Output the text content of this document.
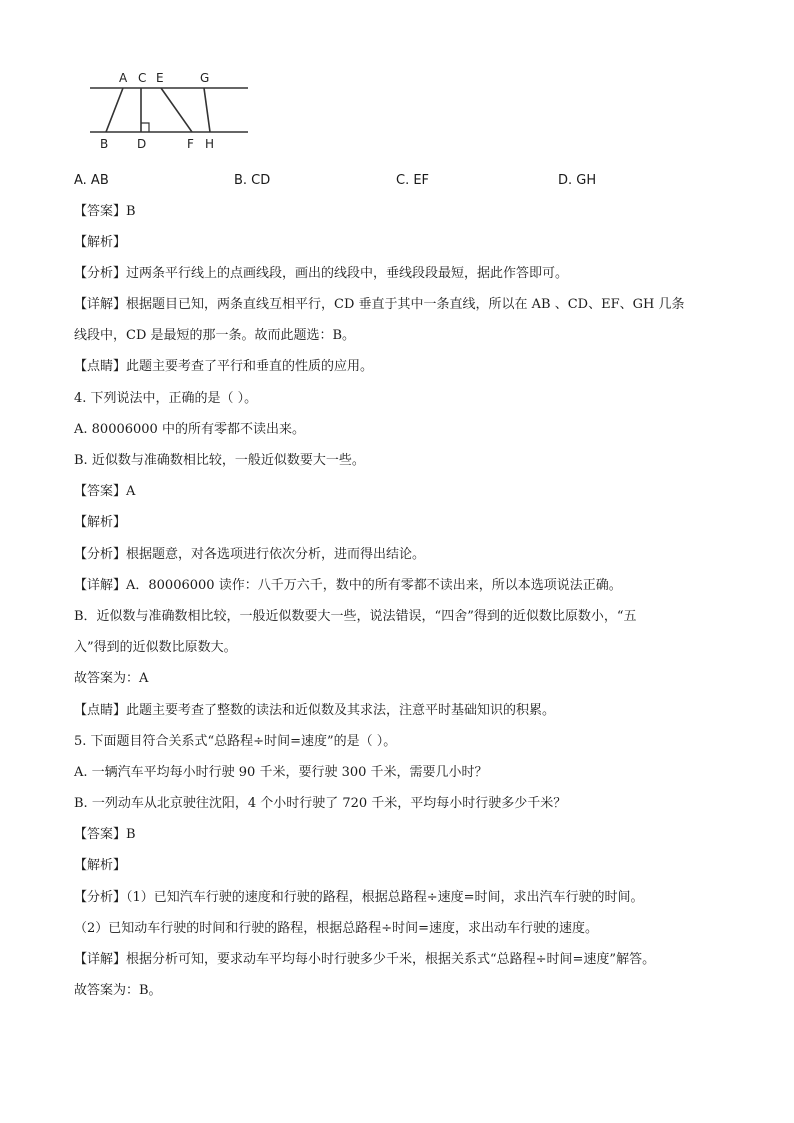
A C E	G
B D	F H
A. AB	B. CD	C. EF	D. GH
【答案】B
【解析】
【分析】过两条平行线上的点画线段，画出的线段中，垂线段段最短，据此作答即可。
【详解】根据题目已知，两条直线互相平行，CD 垂直于其中一条直线，所以在 AB 、CD、EF、GH 几条
线段中，CD 是最短的那一条。故而此题选：B。
【点睛】此题主要考查了平行和垂直的性质的应用。
4. 下列说法中，正确的是（ ）。
A. 80006000 中的所有零都不读出来。
B. 近似数与准确数相比较，一般近似数要大一些。
【答案】A
【解析】
【分析】根据题意，对各选项进行依次分析，进而得出结论。
【详解】A．80006000 读作：八千万六千，数中的所有零都不读出来，所以本选项说法正确。
B．近似数与准确数相比较，一般近似数要大一些，说法错误，“四舍”得到的近似数比原数小，“五
入”得到的近似数比原数大。
故答案为：A
【点睛】此题主要考查了整数的读法和近似数及其求法，注意平时基础知识的积累。
5. 下面题目符合关系式“总路程÷时间=速度”的是（ ）。
A. 一辆汽车平均每小时行驶 90 千米，要行驶 300 千米，需要几小时？
B. 一列动车从北京驶往沈阳，4 个小时行驶了 720 千米，平均每小时行驶多少千米？
【答案】B
【解析】
【分析】（1）已知汽车行驶的速度和行驶的路程，根据总路程÷速度=时间，求出汽车行驶的时间。
（2）已知动车行驶的时间和行驶的路程，根据总路程÷时间=速度，求出动车行驶的速度。
【详解】根据分析可知，要求动车平均每小时行驶多少千米，根据关系式“总路程÷时间=速度”解答。
故答案为：B。
